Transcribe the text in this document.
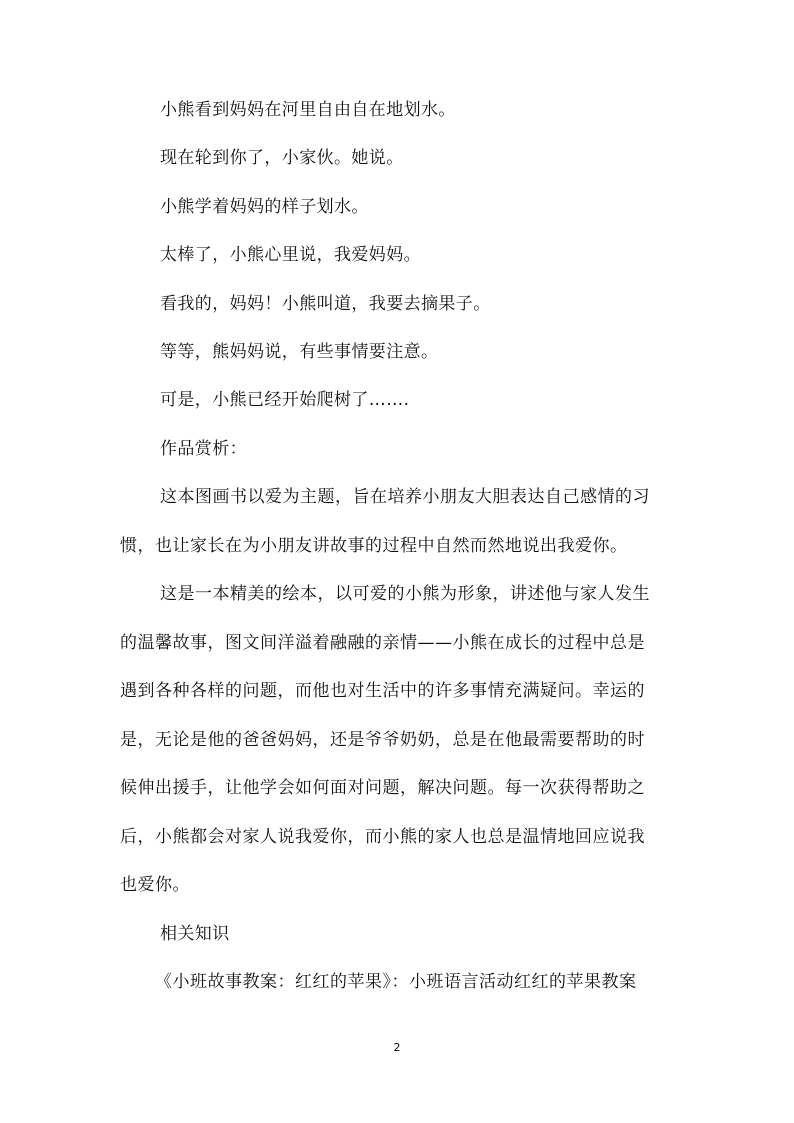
小熊看到妈妈在河里自由自在地划水。
现在轮到你了，小家伙。她说。
小熊学着妈妈的样子划水。
太棒了，小熊心里说，我爱妈妈。
看我的，妈妈！小熊叫道，我要去摘果子。
等等，熊妈妈说，有些事情要注意。
可是，小熊已经开始爬树了…….
作品赏析：
这本图画书以爱为主题，旨在培养小朋友大胆表达自己感情的习
惯，也让家长在为小朋友讲故事的过程中自然而然地说出我爱你。
这是一本精美的绘本，以可爱的小熊为形象，讲述他与家人发生
的温馨故事，图文间洋溢着融融的亲情——小熊在成长的过程中总是
遇到各种各样的问题，而他也对生活中的许多事情充满疑问。幸运的
是，无论是他的爸爸妈妈，还是爷爷奶奶，总是在他最需要帮助的时
候伸出援手，让他学会如何面对问题，解决问题。每一次获得帮助之
后，小熊都会对家人说我爱你，而小熊的家人也总是温情地回应说我
也爱你。
相关知识
《小班故事教案：红红的苹果》：小班语言活动红红的苹果教案
2
